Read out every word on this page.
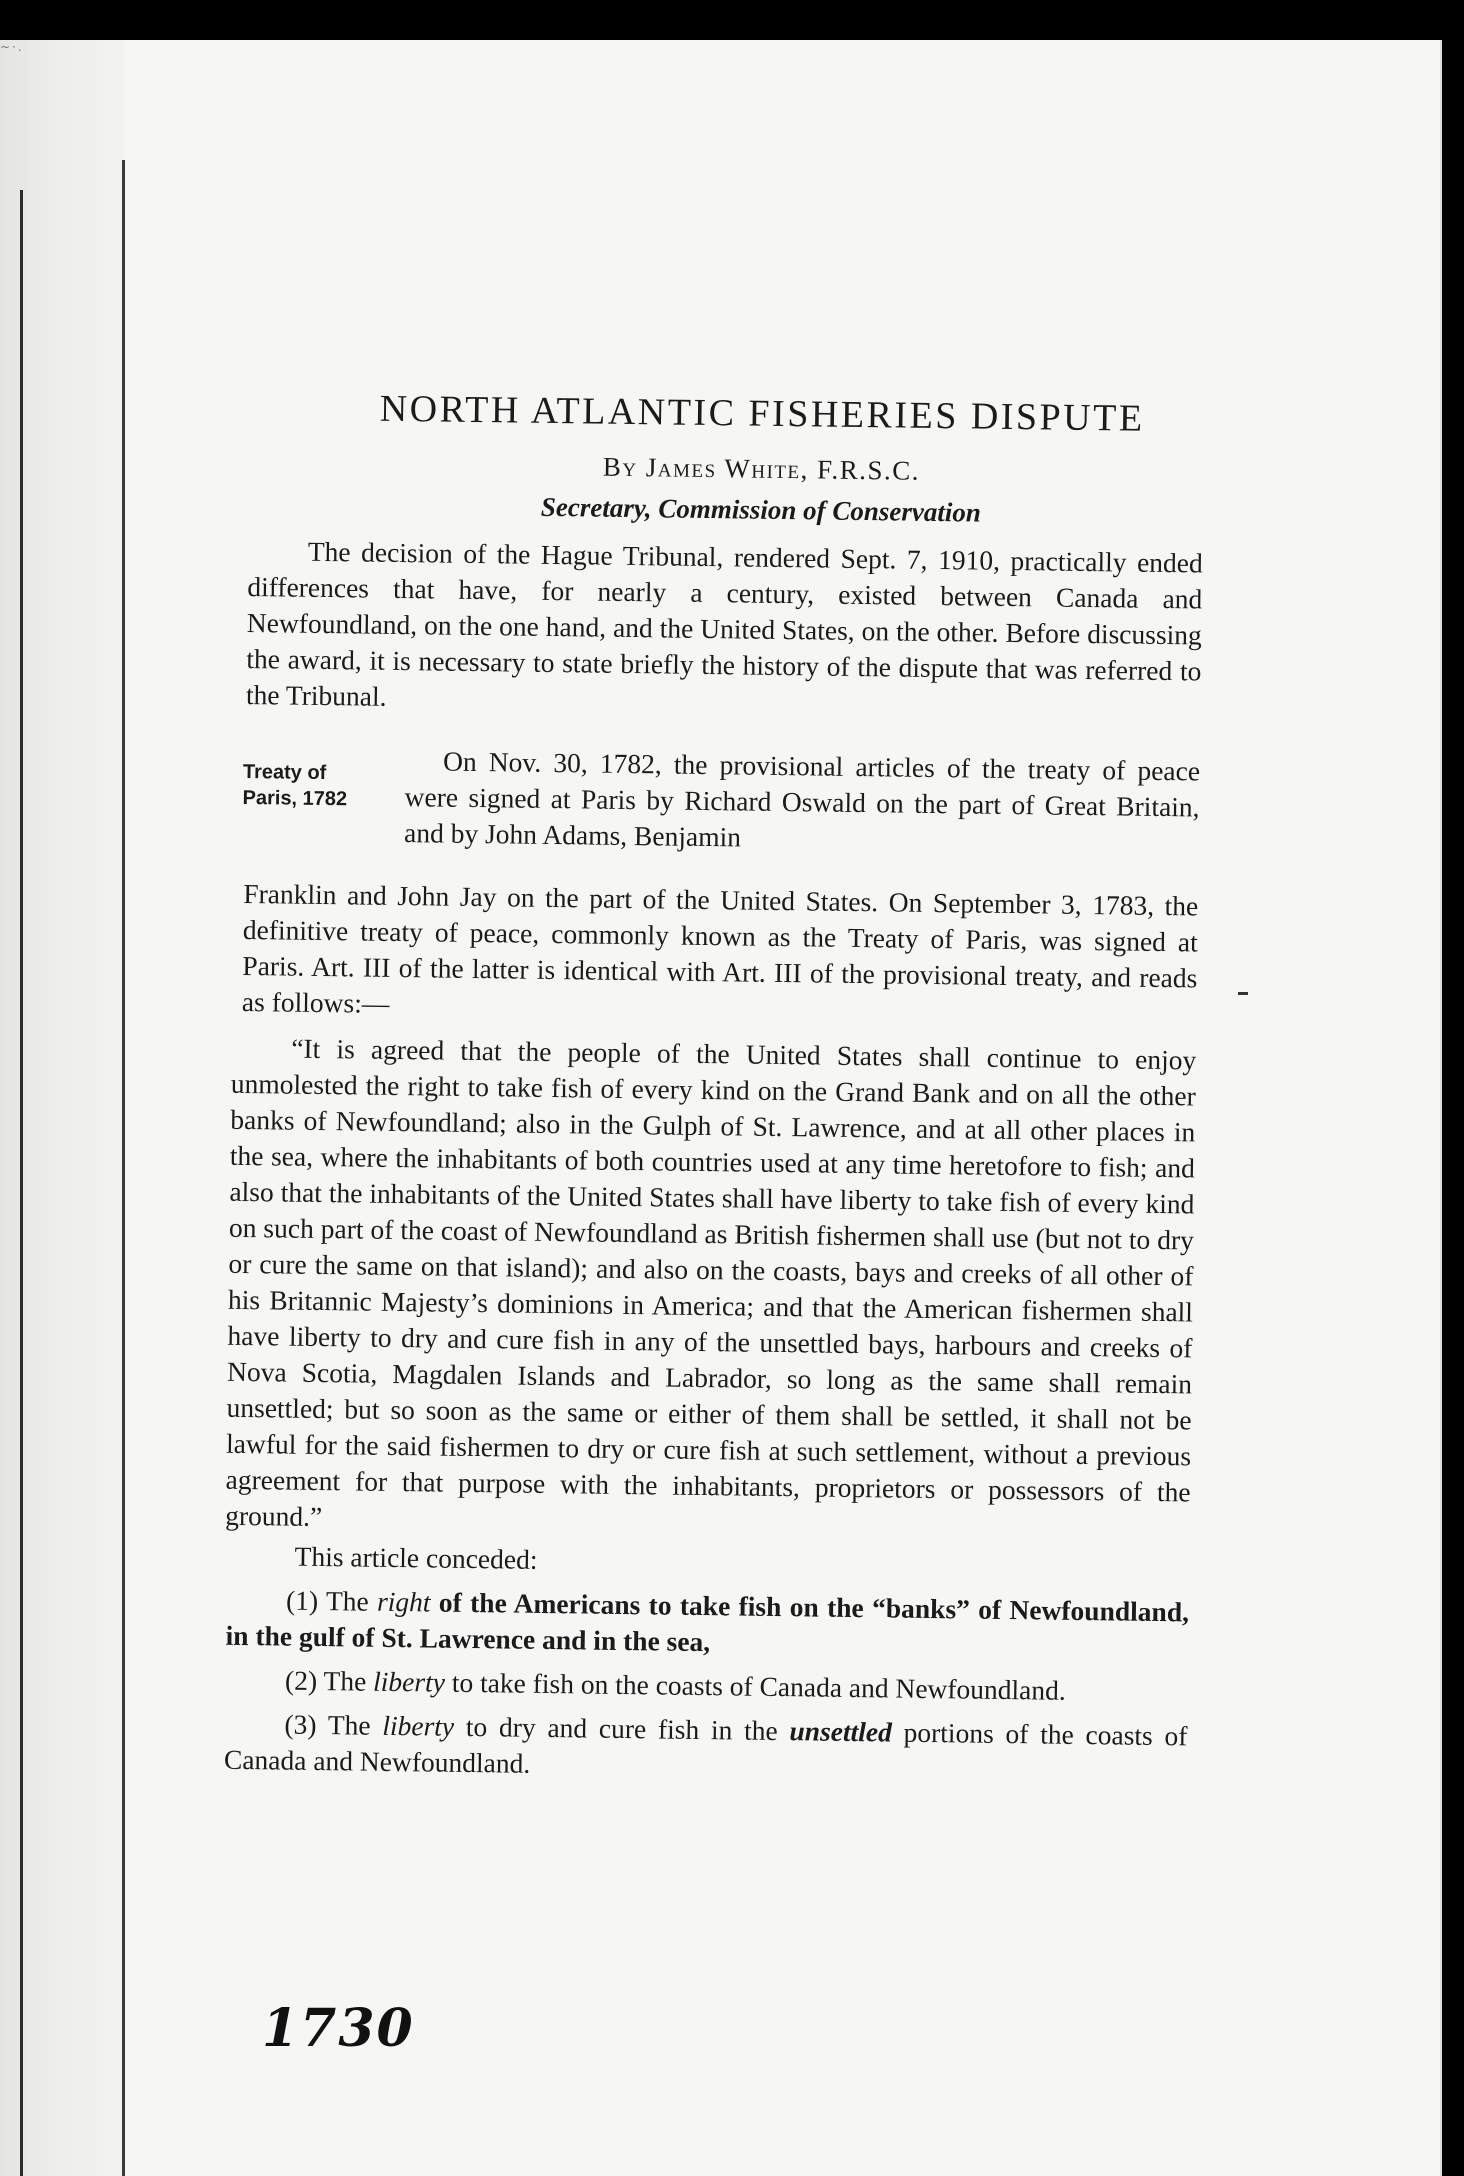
~·.
NORTH ATLANTIC FISHERIES DISPUTE
By James White, F.R.S.C.
Secretary, Commission of Conservation

The decision of the Hague Tribunal, rendered Sept. 7, 1910, practically ended differences that have, for nearly a century, existed between Canada and Newfoundland, on the one hand, and the United States, on the other. Before discussing the award, it is necessary to state briefly the history of the dispute that was referred to the Tribunal.

Treaty of Paris, 1782

On Nov. 30, 1782, the provisional articles of the treaty of peace were signed at Paris by Richard Oswald on the part of Great Britain, and by John Adams, Benjamin

Franklin and John Jay on the part of the United States. On September 3, 1783, the definitive treaty of peace, commonly known as the Treaty of Paris, was signed at Paris. Art. III of the latter is identical with Art. III of the provisional treaty, and reads as follows:—

“It is agreed that the people of the United States shall continue to enjoy unmolested the right to take fish of every kind on the Grand Bank and on all the other banks of Newfoundland; also in the Gulph of St. Lawrence, and at all other places in the sea, where the inhabitants of both countries used at any time heretofore to fish; and also that the inhabitants of the United States shall have liberty to take fish of every kind on such part of the coast of Newfoundland as British fishermen shall use (but not to dry or cure the same on that island); and also on the coasts, bays and creeks of all other of his Britannic Majesty’s dominions in America; and that the American fishermen shall have liberty to dry and cure fish in any of the unsettled bays, harbours and creeks of Nova Scotia, Magdalen Islands and Labrador, so long as the same shall remain unsettled; but so soon as the same or either of them shall be settled, it shall not be lawful for the said fishermen to dry or cure fish at such settlement, without a previous agreement for that purpose with the inhabitants, proprietors or possessors of the ground.”

This article conceded:

(1) The right of the Americans to take fish on the “banks” of Newfoundland, in the gulf of St. Lawrence and in the sea,

(2) The liberty to take fish on the coasts of Canada and Newfoundland.

(3) The liberty to dry and cure fish in the unsettled portions of the coasts of Canada and Newfoundland.

1730
